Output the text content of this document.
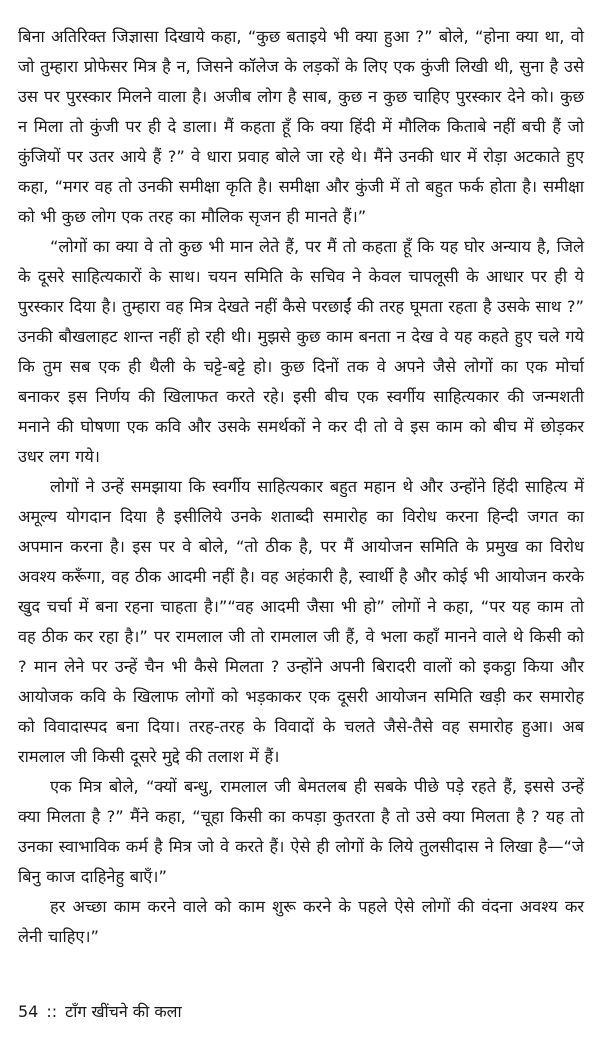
बिना अतिरिक्त जिज्ञासा दिखाये कहा, “कुछ बताइये भी क्या हुआ ?” बोले, “होना क्या था, वो जो तुम्हारा प्रोफेसर मित्र है न, जिसने कॉलेज के लड़कों के लिए एक कुंजी लिखी थी, सुना है उसे उस पर पुरस्कार मिलने वाला है। अजीब लोग है साब, कुछ न कुछ चाहिए पुरस्कार देने को। कुछ न मिला तो कुंजी पर ही दे डाला। मैं कहता हूँ कि क्या हिंदी में मौलिक किताबे नहीं बची हैं जो कुंजियों पर उतर आये हैं ?” वे धारा प्रवाह बोले जा रहे थे। मैंने उनकी धार में रोड़ा अटकाते हुए कहा, “मगर वह तो उनकी समीक्षा कृति है। समीक्षा और कुंजी में तो बहुत फर्क होता है। समीक्षा को भी कुछ लोग एक तरह का मौलिक सृजन ही मानते हैं।”

“लोगों का क्या वे तो कुछ भी मान लेते हैं, पर मैं तो कहता हूँ कि यह घोर अन्याय है, जिले के दूसरे साहित्यकारों के साथ। चयन समिति के सचिव ने केवल चापलूसी के आधार पर ही ये पुरस्कार दिया है। तुम्हारा वह मित्र देखते नहीं कैसे परछाईं की तरह घूमता रहता है उसके साथ ?” उनकी बौखलाहट शान्त नहीं हो रही थी। मुझसे कुछ काम बनता न देख वे यह कहते हुए चले गये कि तुम सब एक ही थैली के चट्टे-बट्टे हो। कुछ दिनों तक वे अपने जैसे लोगों का एक मोर्चा बनाकर इस निर्णय की खिलाफत करते रहे। इसी बीच एक स्वर्गीय साहित्यकार की जन्मशती मनाने की घोषणा एक कवि और उसके समर्थकों ने कर दी तो वे इस काम को बीच में छोड़कर उधर लग गये।

लोगों ने उन्हें समझाया कि स्वर्गीय साहित्यकार बहुत महान थे और उन्होंने हिंदी साहित्य में अमूल्य योगदान दिया है इसीलिये उनके शताब्दी समारोह का विरोध करना हिन्दी जगत का अपमान करना है। इस पर वे बोले, “तो ठीक है, पर मैं आयोजन समिति के प्रमुख का विरोध अवश्य करूँगा, वह ठीक आदमी नहीं है। वह अहंकारी है, स्वार्थी है और कोई भी आयोजन करके खुद चर्चा में बना रहना चाहता है।”“वह आदमी जैसा भी हो” लोगों ने कहा, “पर यह काम तो वह ठीक कर रहा है।” पर रामलाल जी तो रामलाल जी हैं, वे भला कहाँ मानने वाले थे किसी को ? मान लेने पर उन्हें चैन भी कैसे मिलता ? उन्होंने अपनी बिरादरी वालों को इकट्ठा किया और आयोजक कवि के खिलाफ लोगों को भड़काकर एक दूसरी आयोजन समिति खड़ी कर समारोह को विवादास्पद बना दिया। तरह-तरह के विवादों के चलते जैसे-तैसे वह समारोह हुआ। अब रामलाल जी किसी दूसरे मुद्दे की तलाश में हैं।

एक मित्र बोले, “क्यों बन्धु, रामलाल जी बेमतलब ही सबके पीछे पड़े रहते हैं, इससे उन्हें क्या मिलता है ?” मैंने कहा, “चूहा किसी का कपड़ा कुतरता है तो उसे क्या मिलता है ? यह तो उनका स्वाभाविक कर्म है मित्र जो वे करते हैं। ऐसे ही लोगों के लिये तुलसीदास ने लिखा है—“जे बिनु काज दाहिनेहु बाएँ।”

हर अच्छा काम करने वाले को काम शुरू करने के पहले ऐसे लोगों की वंदना अवश्य कर लेनी चाहिए।”

54 :: टाँग खींचने की कला
